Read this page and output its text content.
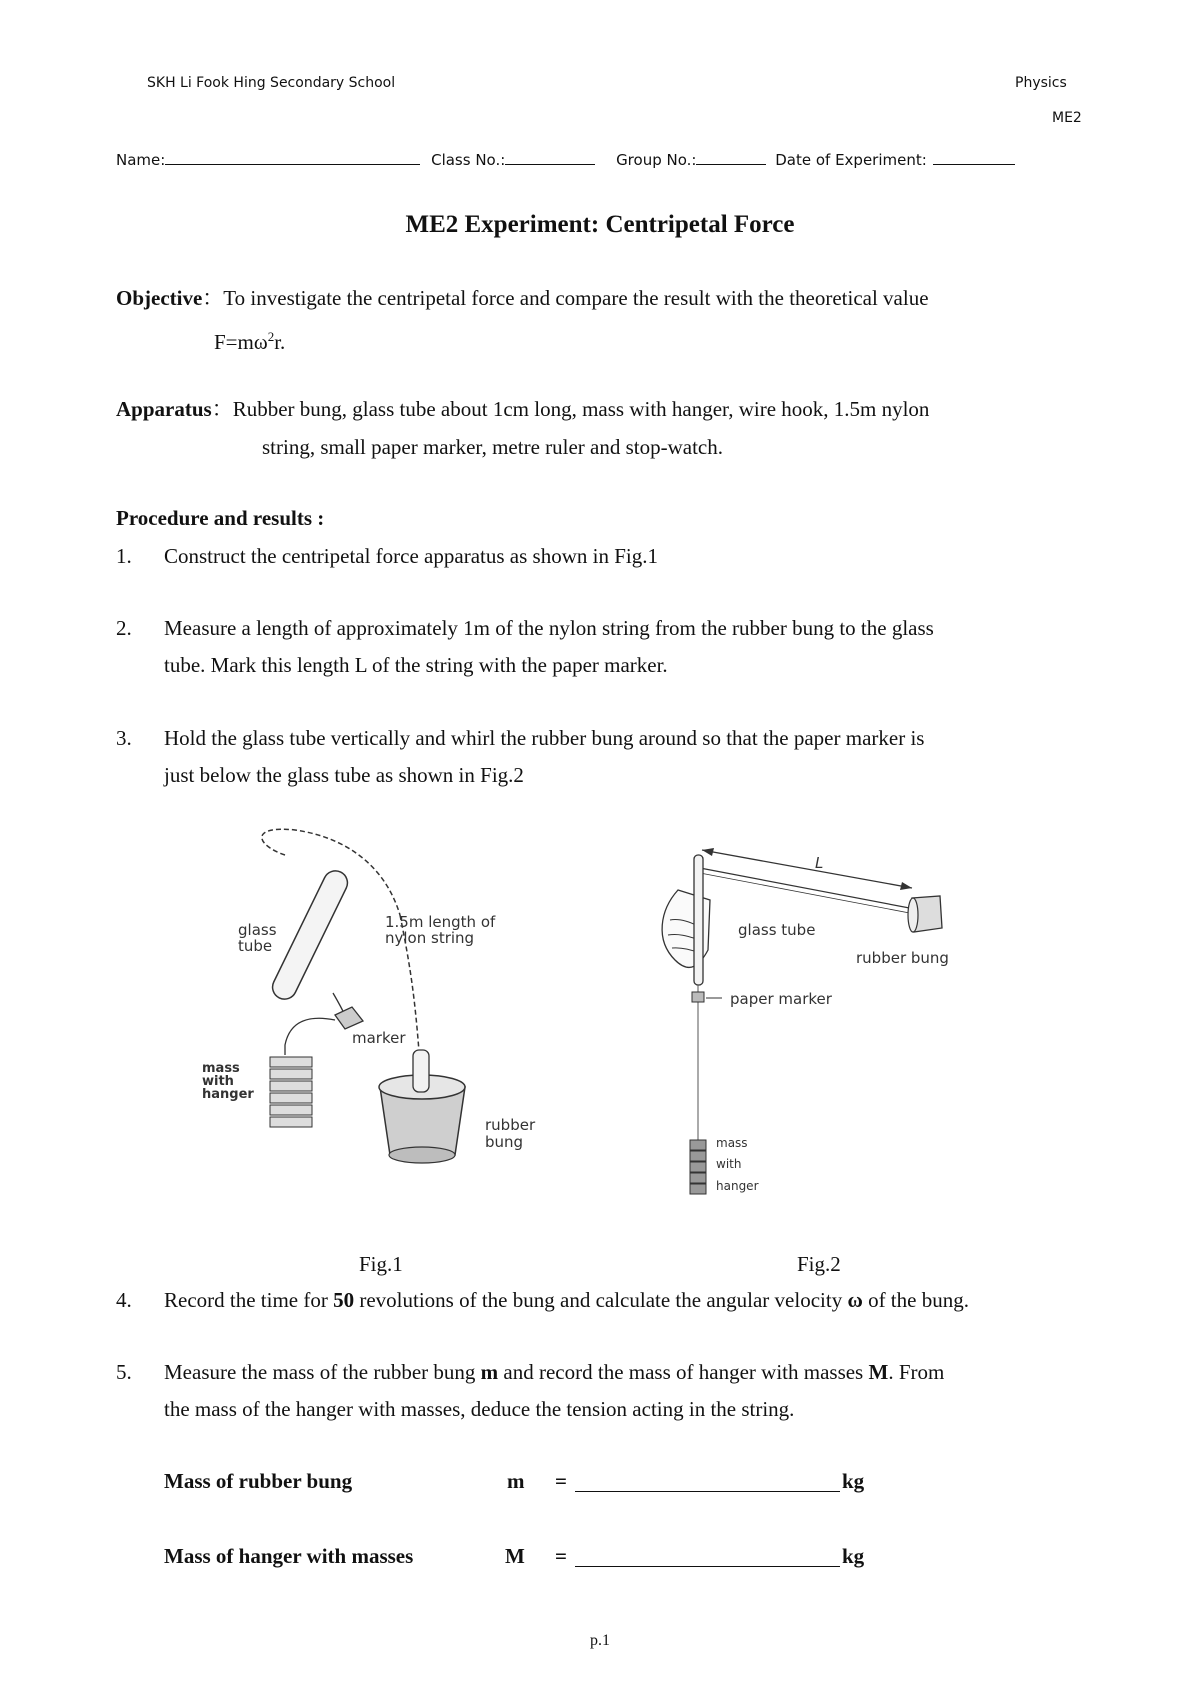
SKH Li Fook Hing Secondary School	Physics
ME2
Name:	Class No.:	Group No.:	Date of Experiment:
ME2 Experiment: Centripetal Force
Objective：To investigate the centripetal force and compare the result with the theoretical value
$F=m\omega^2r$.
Apparatus：Rubber bung, glass tube about 1cm long, mass with hanger, wire hook, 1.5m nylon
string, small paper marker, metre ruler and stop-watch.
Procedure and results :
1. Construct the centripetal force apparatus as shown in Fig.1
2. Measure a length of approximately 1m of the nylon string from the rubber bung to the glass
tube. Mark this length L of the string with the paper marker.
3. Hold the glass tube vertically and whirl the rubber bung around so that the paper marker is
just below the glass tube as shown in Fig.2
glass
tube
1.5m length of
nylon string
marker
mass
with
hanger
rubber
bung
L
glass tube
rubber bung
paper marker
mass
with
hanger
Fig.1	Fig.2
4. Record the time for 50 revolutions of the bung and calculate the angular velocity ω of the bung.
5. Measure the mass of the rubber bung m and record the mass of hanger with masses M. From
the mass of the hanger with masses, deduce the tension acting in the string.
Mass of rubber bung	m =	kg
Mass of hanger with masses	M =	kg
p.1
